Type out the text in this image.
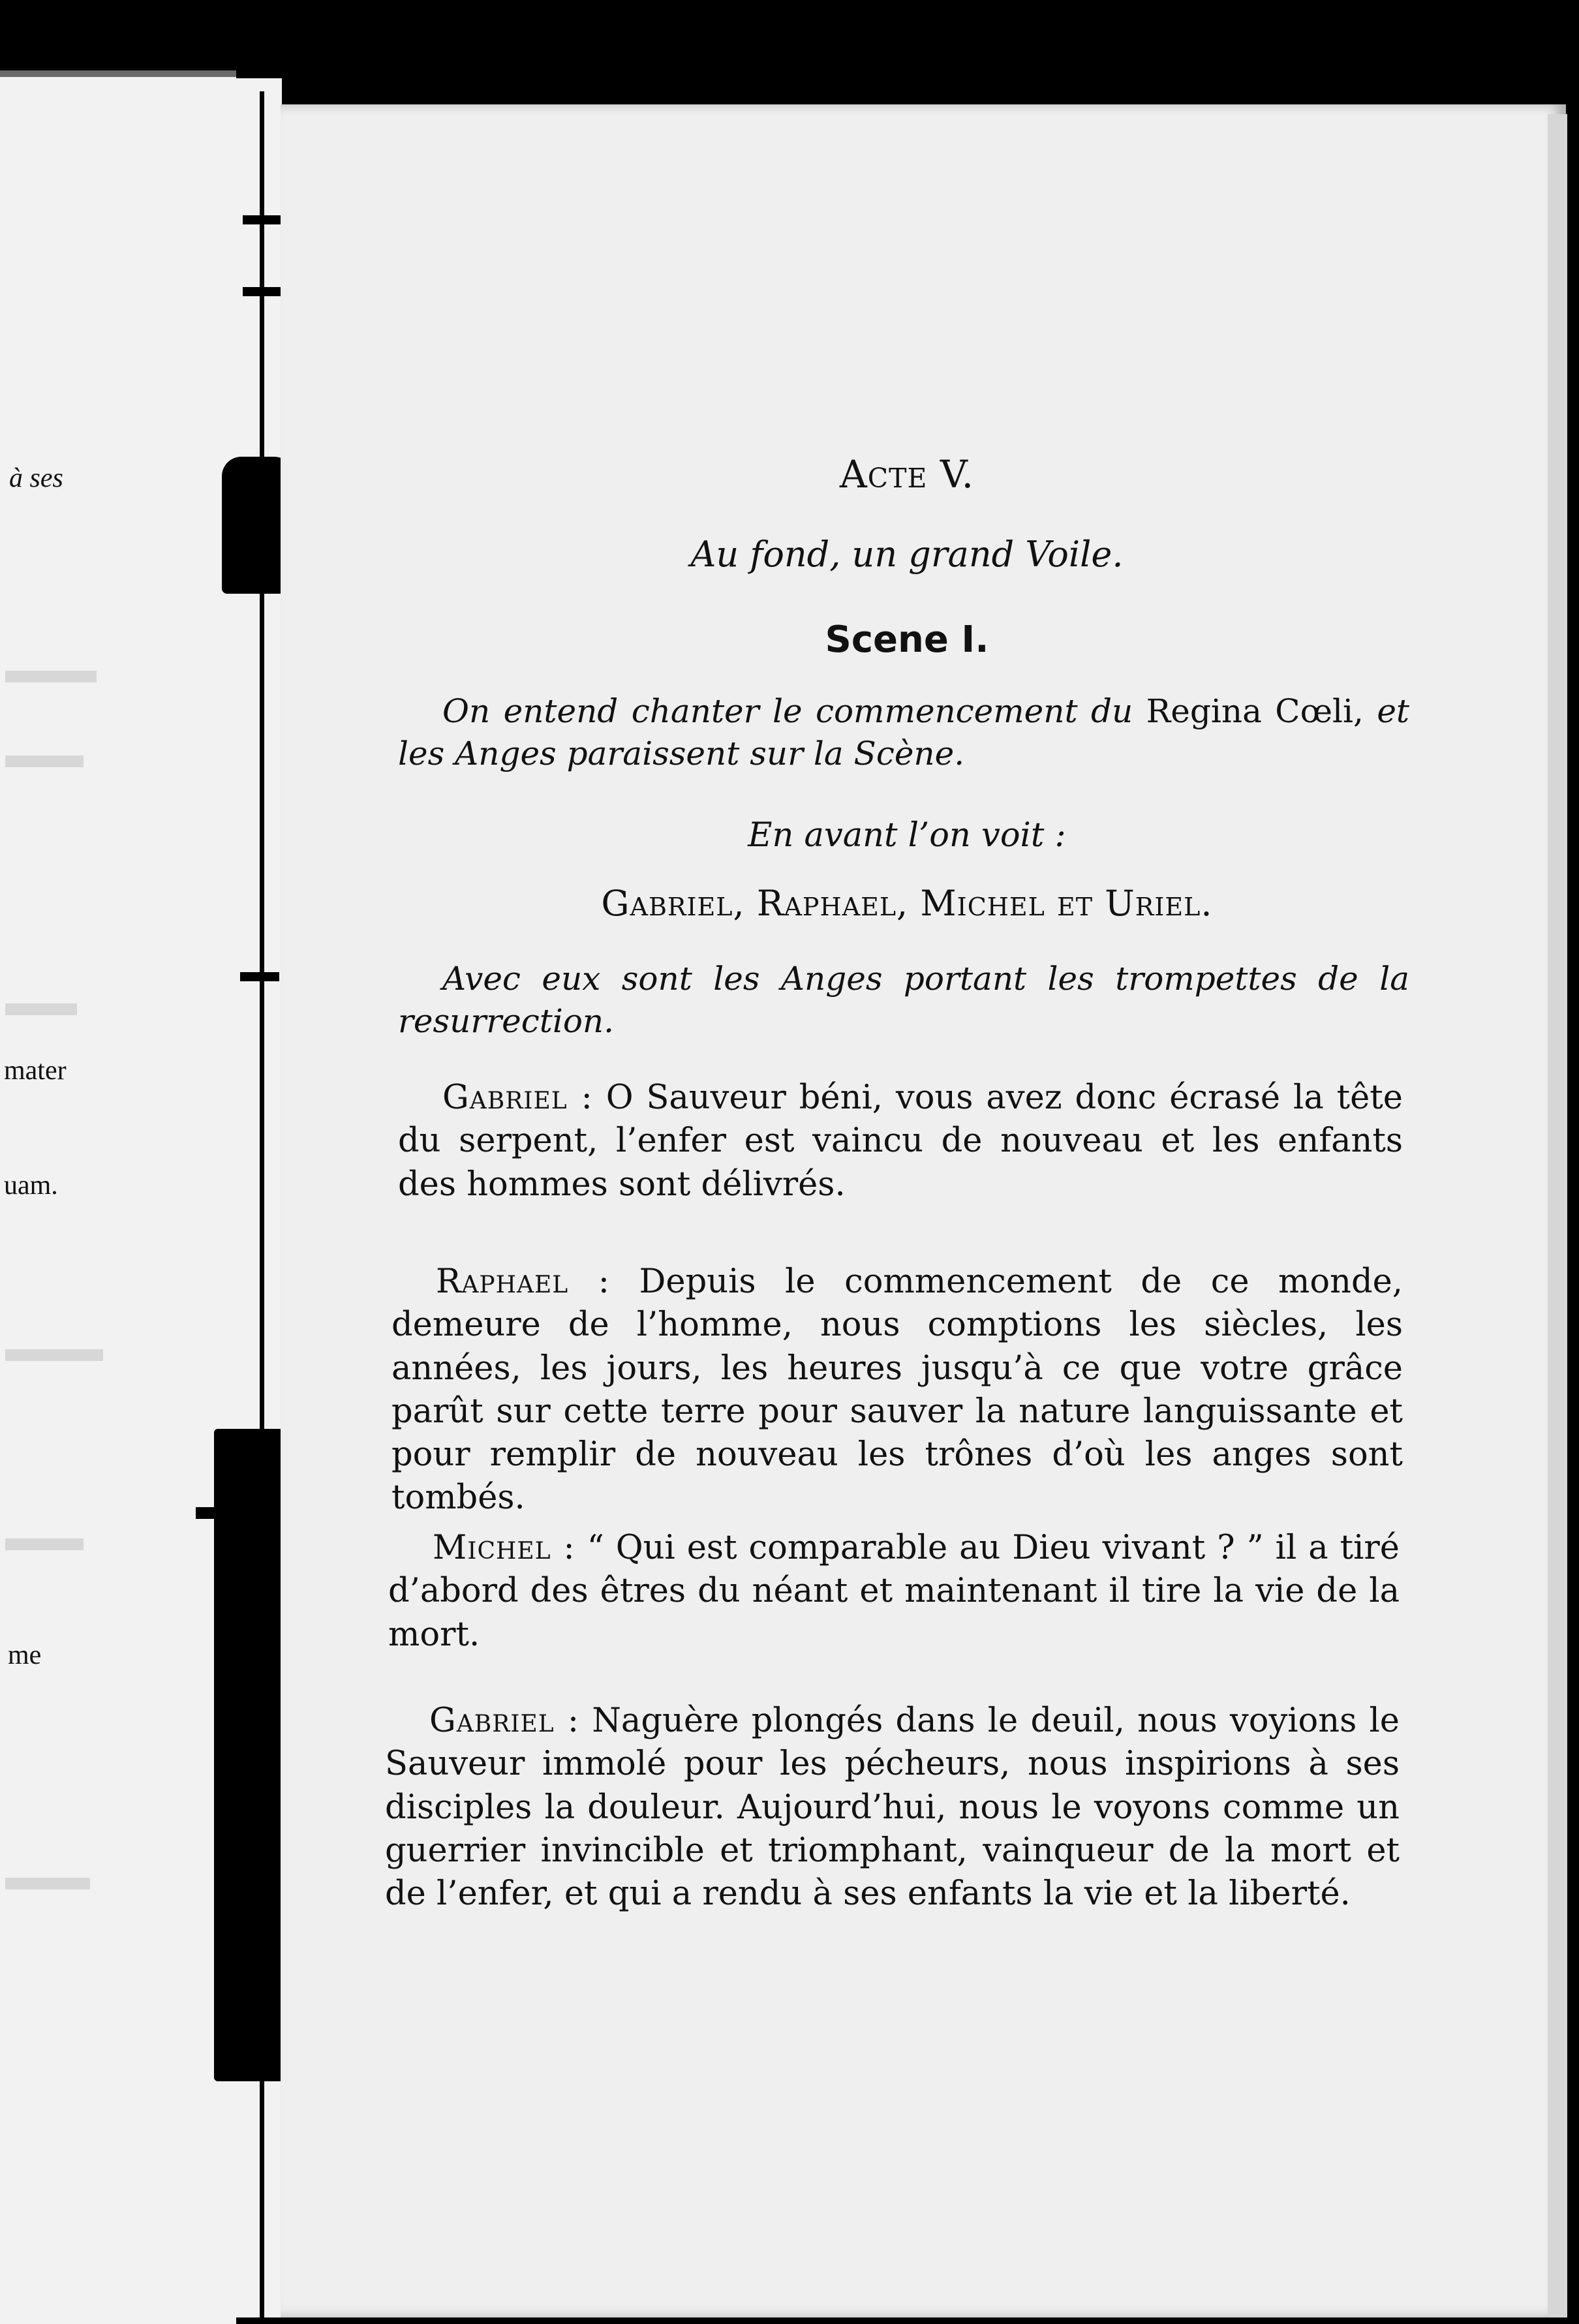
à ses
mater
uam.
me
Acte V.
Au fond, un grand Voile.
Scene I.
On entend chanter le commencement du Regina Cœli, et les Anges paraissent sur la Scène.
En avant l’on voit :
Gabriel, Raphael, Michel et Uriel.
Avec eux sont les Anges portant les trompettes de la resurrection.
Gabriel : O Sauveur béni, vous avez donc écrasé la tête du serpent, l’enfer est vaincu de nouveau et les enfants des hommes sont délivrés.
Raphael : Depuis le commencement de ce monde, demeure de l’homme, nous comptions les siècles, les années, les jours, les heures jusqu’à ce que votre grâce parût sur cette terre pour sauver la nature languissante et pour remplir de nouveau les trônes d’où les anges sont tombés.
Michel : “ Qui est comparable au Dieu vivant ? ” il a tiré d’abord des êtres du néant et maintenant il tire la vie de la mort.
Gabriel : Naguère plongés dans le deuil, nous voyions le Sauveur immolé pour les pécheurs, nous inspirions à ses disciples la douleur. Aujourd’hui, nous le voyons comme un guerrier invincible et triomphant, vainqueur de la mort et de l’enfer, et qui a rendu à ses enfants la vie et la liberté.
